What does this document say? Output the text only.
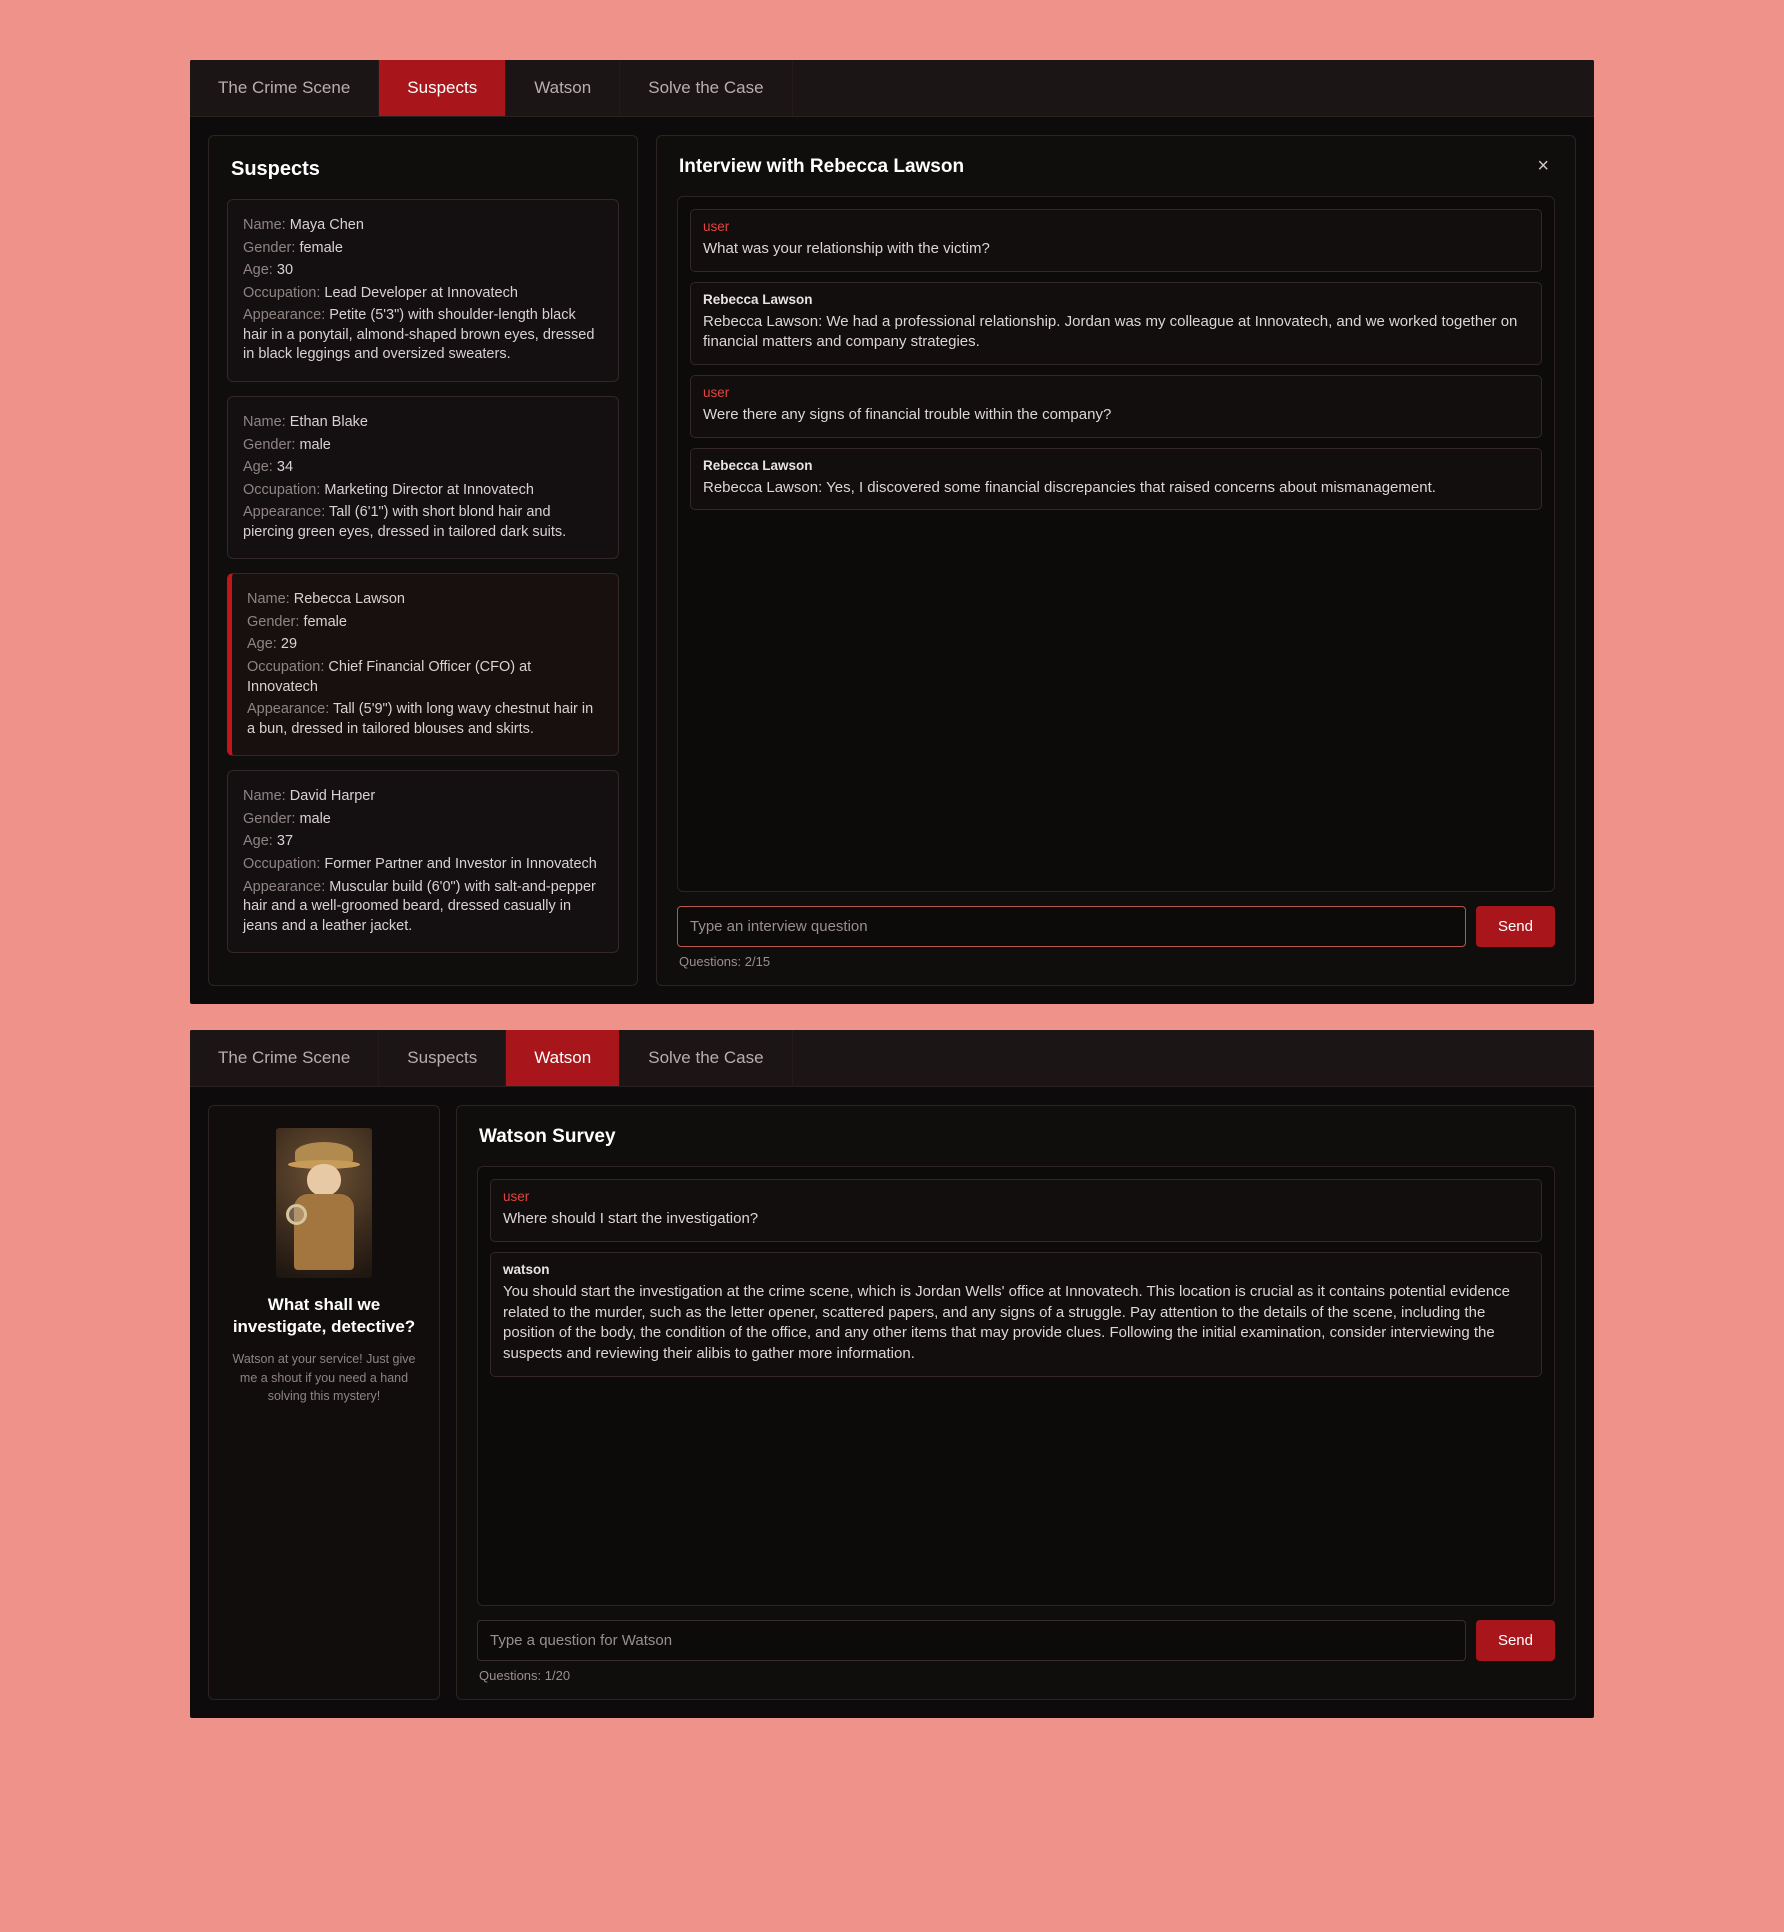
The Crime Scene	Suspects	Watson	Solve the Case
Suspects
Name: Maya Chen
Gender: female
Age: 30
Occupation: Lead Developer at Innovatech
Appearance: Petite (5'3") with shoulder-length black hair in a ponytail, almond-shaped brown eyes, dressed in black leggings and oversized sweaters.
Name: Ethan Blake
Gender: male
Age: 34
Occupation: Marketing Director at Innovatech
Appearance: Tall (6'1") with short blond hair and piercing green eyes, dressed in tailored dark suits.
Name: Rebecca Lawson
Gender: female
Age: 29
Occupation: Chief Financial Officer (CFO) at Innovatech
Appearance: Tall (5'9") with long wavy chestnut hair in a bun, dressed in tailored blouses and skirts.
Name: David Harper
Gender: male
Age: 37
Occupation: Former Partner and Investor in Innovatech
Appearance: Muscular build (6'0") with salt-and-pepper hair and a well-groomed beard, dressed casually in jeans and a leather jacket.
Interview with Rebecca Lawson	×
user
What was your relationship with the victim?
Rebecca Lawson
Rebecca Lawson: We had a professional relationship. Jordan was my colleague at Innovatech, and we worked together on financial matters and company strategies.
user
Were there any signs of financial trouble within the company?
Rebecca Lawson
Rebecca Lawson: Yes, I discovered some financial discrepancies that raised concerns about mismanagement.
Type an interview question
Send
Questions: 2/15
The Crime Scene	Suspects	Watson	Solve the Case
What shall we investigate, detective?
Watson at your service! Just give me a shout if you need a hand solving this mystery!
Watson Survey
user
Where should I start the investigation?
watson
You should start the investigation at the crime scene, which is Jordan Wells' office at Innovatech. This location is crucial as it contains potential evidence related to the murder, such as the letter opener, scattered papers, and any signs of a struggle. Pay attention to the details of the scene, including the position of the body, the condition of the office, and any other items that may provide clues. Following the initial examination, consider interviewing the suspects and reviewing their alibis to gather more information.
Type a question for Watson
Send
Questions: 1/20
